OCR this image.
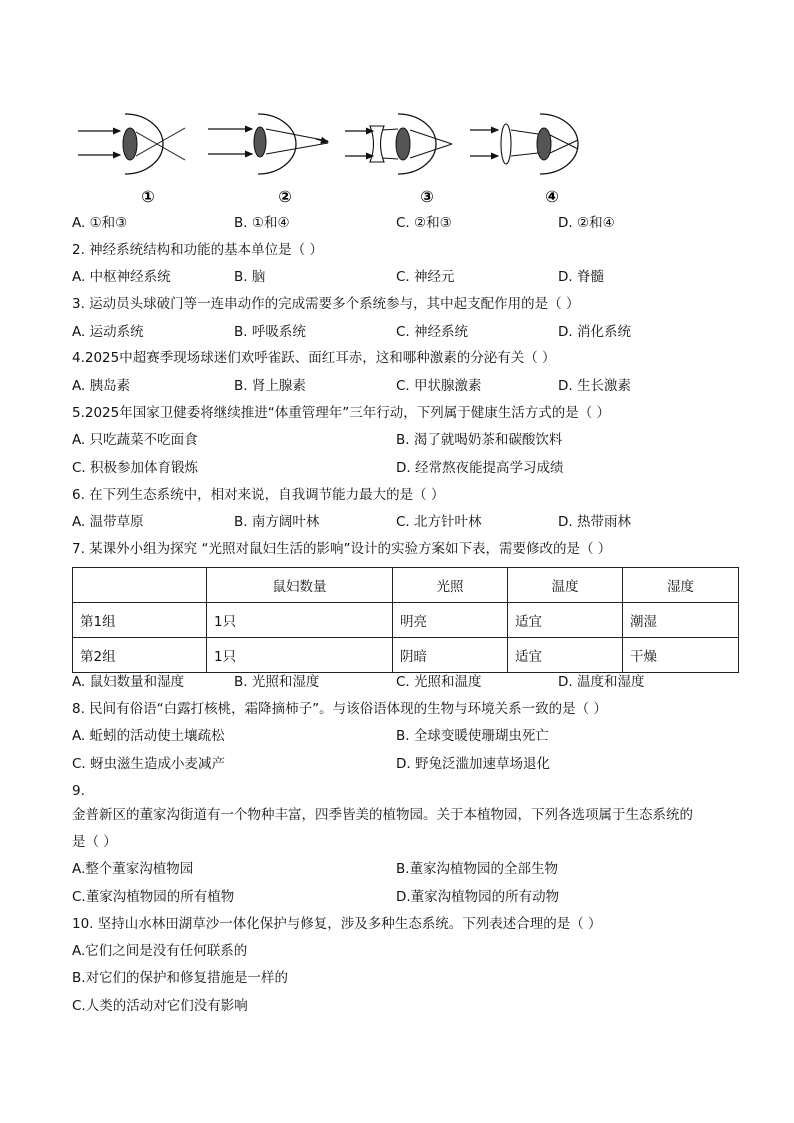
①	②	③	④
A. ①和③	B. ①和④	C. ②和③	D. ②和④
2. 神经系统结构和功能的基本单位是（ ）
A. 中枢神经系统	B. 脑	C. 神经元	D. 脊髓
3. 运动员头球破门等一连串动作的完成需要多个系统参与，其中起支配作用的是（ ）
A. 运动系统	B. 呼吸系统	C. 神经系统	D. 消化系统
4.2025中超赛季现场球迷们欢呼雀跃、面红耳赤，这和哪种激素的分泌有关（ ）
A. 胰岛素	B. 肾上腺素	C. 甲状腺激素	D. 生长激素
5.2025年国家卫健委将继续推进“体重管理年”三年行动，下列属于健康生活方式的是（ ）
A. 只吃蔬菜不吃面食	B. 渴了就喝奶茶和碳酸饮料
C. 积极参加体育锻炼	D. 经常熬夜能提高学习成绩
6. 在下列生态系统中，相对来说，自我调节能力最大的是（ ）
A. 温带草原	B. 南方阔叶林	C. 北方针叶林	D. 热带雨林
7. 某课外小组为探究 “光照对鼠妇生活的影响”设计的实验方案如下表，需要修改的是（ ）
	鼠妇数量	光照	温度	湿度
第1组	1只	明亮	适宜	潮湿
第2组	1只	阴暗	适宜	干燥
A. 鼠妇数量和湿度	B. 光照和湿度	C. 光照和温度	D. 温度和湿度
8. 民间有俗语“白露打核桃，霜降摘柿子”。与该俗语体现的生物与环境关系一致的是（ ）
A. 蚯蚓的活动使土壤疏松	B. 全球变暖使珊瑚虫死亡
C. 蚜虫滋生造成小麦减产	D. 野兔泛滥加速草场退化
9.
金普新区的董家沟街道有一个物种丰富，四季皆美的植物园。关于本植物园，下列各选项属于生态系统的
是（ ）
A.整个董家沟植物园	B.董家沟植物园的全部生物
C.董家沟植物园的所有植物	D.董家沟植物园的所有动物
10. 坚持山水林田湖草沙一体化保护与修复，涉及多种生态系统。下列表述合理的是（ ）
A.它们之间是没有任何联系的
B.对它们的保护和修复措施是一样的
C.人类的活动对它们没有影响
